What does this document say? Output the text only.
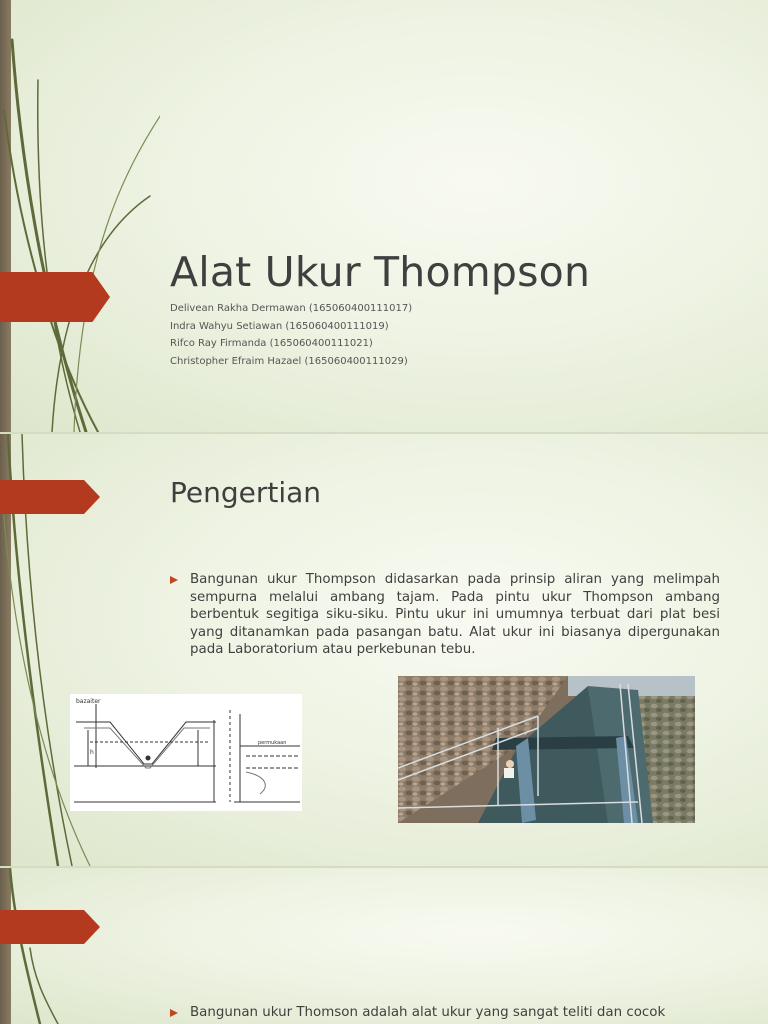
Alat Ukur Thompson
Delivean Rakha Dermawan (165060400111017)
Indra Wahyu Setiawan (165060400111019)
Rifco Ray Firmanda (165060400111021)
Christopher Efraim Hazael (165060400111029)
Pengertian
Bangunan ukur Thompson didasarkan pada prinsip aliran yang melimpah sempurna melalui ambang tajam. Pada pintu ukur Thompson ambang berbentuk segitiga siku-siku. Pintu ukur ini umumnya terbuat dari plat besi yang ditanamkan pada pasangan batu. Alat ukur ini biasanya dipergunakan pada Laboratorium atau perkebunan tebu.
bazaiter
permukaan
h
Bangunan ukur Thomson adalah alat ukur yang sangat teliti dan cocok
